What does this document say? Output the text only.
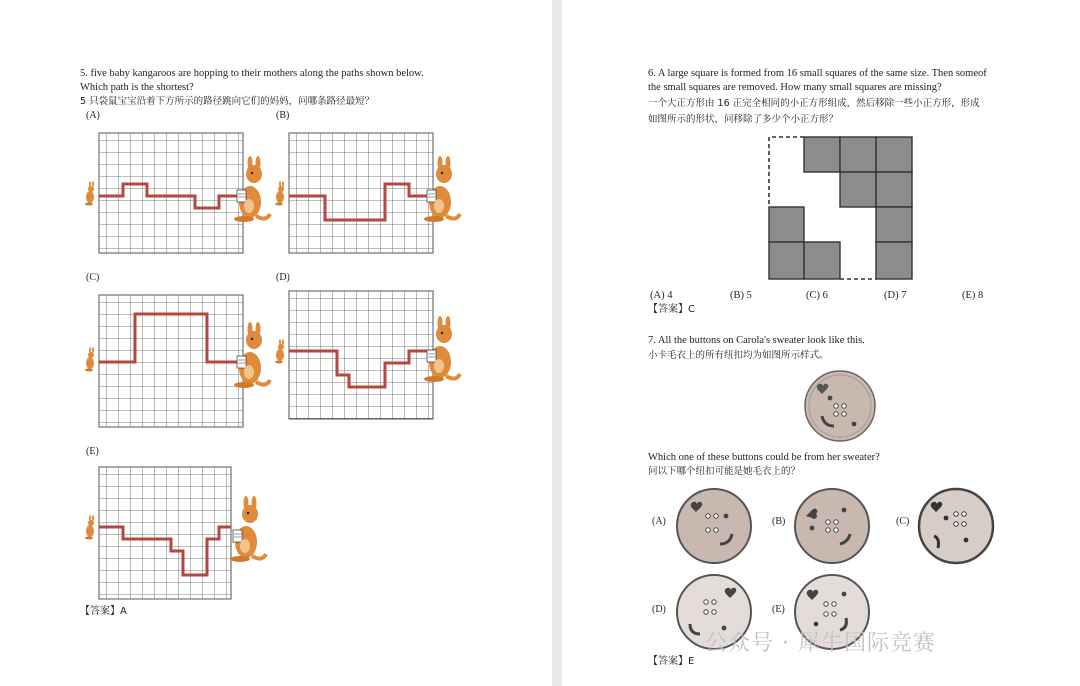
5. five baby kangaroos are hopping to their mothers along the paths shown below.
Which path is the shortest?
5 只袋鼠宝宝沿着下方所示的路径跳向它们的妈妈，问哪条路径最短？
(A)	(B)
(C)	(D)
(E)
【答案】A
6. A large square is formed from 16 small squares of the same size. Then someof
the small squares are removed. How many small squares are missing?
一个大正方形由 16 正完全相同的小正方形组成，然后移除一些小正方形，形成
如图所示的形状，问移除了多少个小正方形？
(A) 4	(B) 5	(C) 6	(D) 7	(E) 8
【答案】C
7. All the buttons on Carola's sweater look like this.
小卡毛衣上的所有纽扣均为如图所示样式。
Which one of these buttons could be from her sweater?
问以下哪个纽扣可能是她毛衣上的？
(A)	(B)	(C)
(D)	(E)
【答案】E
公众号 · 犀牛国际竞赛
